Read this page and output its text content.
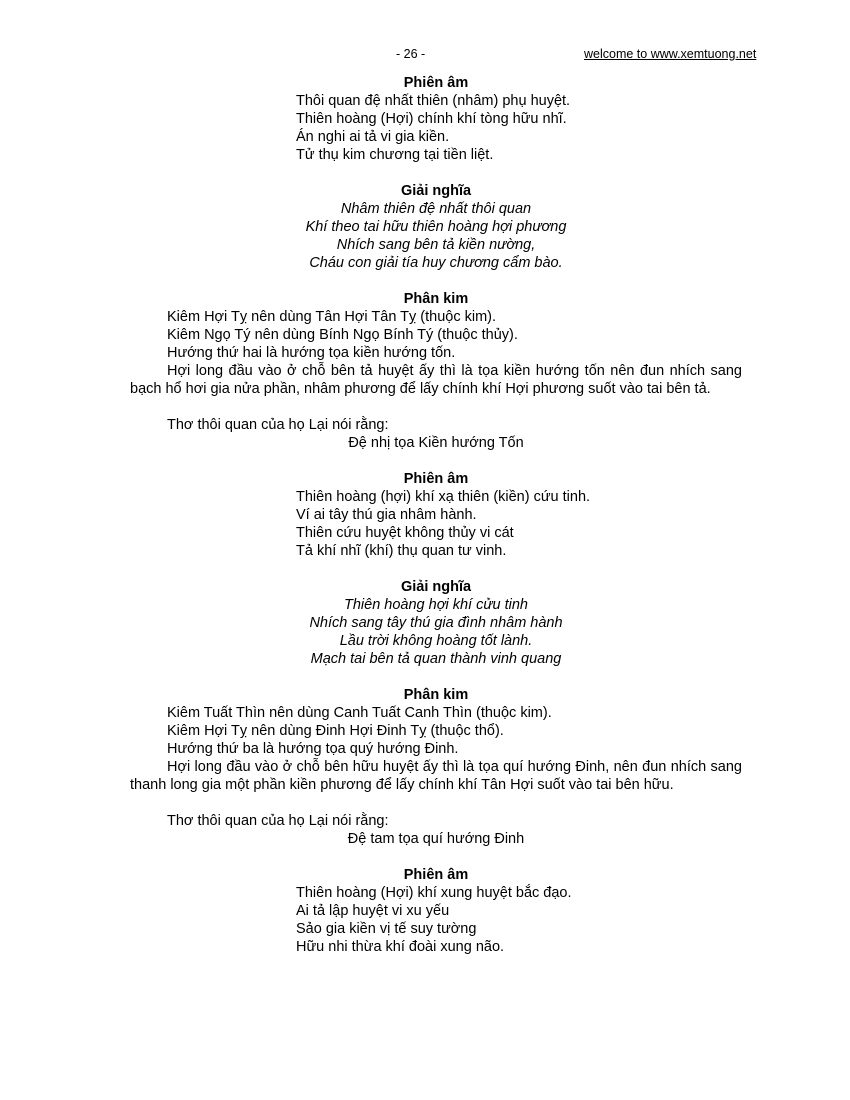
- 26 -	welcome to www.xemtuong.net
Phiên âm
Thôi quan đệ nhất thiên (nhâm) phụ huyệt.
Thiên hoàng (Hợi) chính khí tòng hữu nhĩ.
Án nghi ai tả vi gia kiền.
Tử thụ kim chương tại tiền liệt.
Giải nghĩa
Nhâm thiên đệ nhất thôi quan
Khí theo tai hữu thiên hoàng hợi phương
Nhích sang bên tả kiền nường,
Cháu con giải tía huy chương cẩm bào.
Phân kim
Kiêm Hợi Tỵ nên dùng Tân Hợi Tân Tỵ (thuộc kim).
Kiêm Ngọ Tý nên dùng Bính Ngọ Bính Tý (thuộc thủy).
Hướng thứ hai là hướng tọa kiền hướng tốn.
Hợi long đầu vào ở chỗ bên tả huyệt ấy thì là tọa kiền hướng tốn nên đun nhích sang bạch hổ hơi gia nửa phần, nhâm phương để lấy chính khí Hợi phương suốt vào tai bên tả.
Thơ thôi quan của họ Lại nói rằng:
Đệ nhị tọa Kiền hướng Tốn
Phiên âm
Thiên hoàng (hợi) khí xạ thiên (kiền) cứu tinh.
Ví ai tây thú gia nhâm hành.
Thiên cứu huyệt không thủy vi cát
Tả khí nhĩ (khí) thụ quan tư vinh.
Giải nghĩa
Thiên hoàng hợi khí cửu tinh
Nhích sang tây thú gia đình nhâm hành
Lầu trời không hoàng tốt lành.
Mạch tai bên tả quan thành vinh quang
Phân kim
Kiêm Tuất Thìn nên dùng Canh Tuất Canh Thìn (thuộc kim).
Kiêm Hợi Tỵ nên dùng Đinh Hợi Đinh Tỵ (thuộc thổ).
Hướng thứ ba là hướng tọa quý hướng Đinh.
Hợi long đầu vào ở chỗ bên hữu huyệt ấy thì là tọa quí hướng Đinh, nên đun nhích sang thanh long gia một phần kiền phương để lấy chính khí Tân Hợi suốt vào tai bên hữu.
Thơ thôi quan của họ Lại nói rằng:
Đệ tam tọa quí hướng Đinh
Phiên âm
Thiên hoàng (Hợi) khí xung huyệt bắc đạo.
Ai tả lập huyệt vi xu yếu
Sảo gia kiền vị tế suy tường
Hữu nhi thừa khí đoài xung não.
